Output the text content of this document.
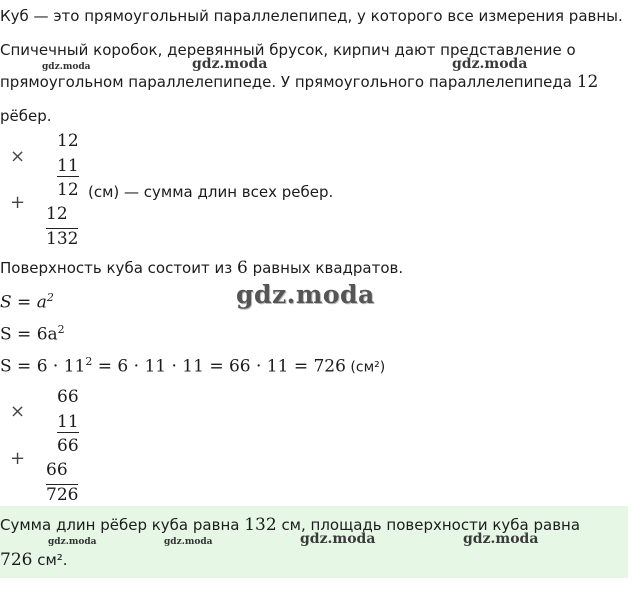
Куб — это прямоугольный параллелепипед, у которого все измерения равны.
Спичечный коробок, деревянный брусок, кирпич дают представление о
прямоугольном параллелепипеде. У прямоугольного параллелепипеда 12
рёбер.
×
12
11
12 (см) — сумма длин всех ребер.
+
12
132
Поверхность куба состоит из 6 равных квадратов.
$S = a^2$
$S = 6a^2$
$S = 6 \cdot 11^2 = 6 \cdot 11 \cdot 11 = 66 \cdot 11 = 726$ (см²)
×
66
11
66
+
66
726
Сумма длин рёбер куба равна 132 см, площадь поверхности куба равна
726 см².
gdz.moda	gdz.moda	gdz.moda
gdz.moda
gdz.moda	gdz.moda	gdz.moda	gdz.moda
